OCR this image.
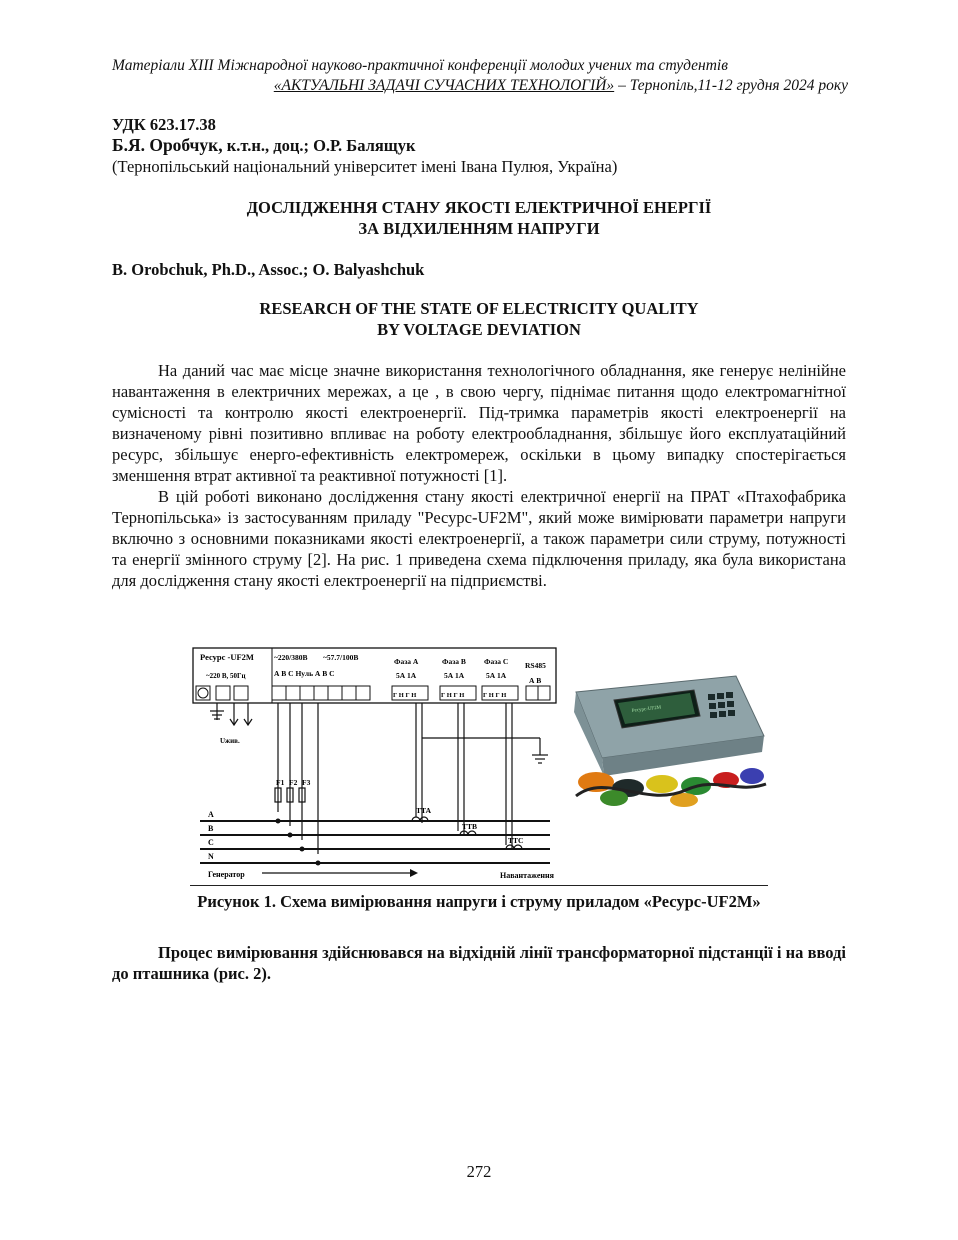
Матеріали XIII Міжнародної науково-практичної конференції молодих учених та студентів
«АКТУАЛЬНІ ЗАДАЧІ СУЧАСНИХ ТЕХНОЛОГІЙ» – Тернопіль,11-12 грудня 2024 року
УДК 623.17.38
Б.Я. Оробчук, к.т.н., доц.; О.Р. Балящук
(Тернопільський національний університет імені Івана Пулюя, Україна)
ДОСЛІДЖЕННЯ СТАНУ ЯКОСТІ ЕЛЕКТРИЧНОЇ ЕНЕРГІЇ
ЗА ВІДХИЛЕННЯМ НАПРУГИ
B. Orobchuk, Ph.D., Assoc.; O. Balyashchuk
RESEARCH OF THE STATE OF ELECTRICITY QUALITY
BY VOLTAGE DEVIATION

На даний час має місце значне використання технологічного обладнання, яке генерує нелінійне навантаження в електричних мережах, а це , в свою чергу, піднімає питання щодо електромагнітної сумісності та контролю якості електроенергії. Під-тримка параметрів якості електроенергії на визначеному рівні позитивно впливає на роботу електрообладнання, збільшує його експлуатаційний ресурс, збільшує енерго-ефективність електромереж, оскільки в цьому випадку спостерігається зменшення втрат активної та реактивної потужності [1].

В цій роботі виконано дослідження стану якості електричної енергії на ПРАТ «Птахофабрика Тернопільська» із застосуванням приладу "Ресурс-UF2M", який може вимірювати параметри напруги включно з основними показниками якості електроенергії, а також параметри сили струму, потужності та енергії змінного струму [2]. На рис. 1 приведена схема підключення приладу, яка була використана для дослідження стану якості електроенергії на підприємстві.

Ресурс -UF2M
~220 В, 50Гц
~220/380В ~57.7/100В
А В С Нуль А В С
Фаза А	Фаза В Фаза С RS485
А В
5А 1А	5А 1А	5А 1А
Г Н Г Н	Г Н Г Н	Г Н Г Н
Uжив.
F1 F2 F3
A
B
C
N
ТТА
ТТВ
ТТС
Генератор	Навантаження
Ресурс-UF2M
Рисунок 1. Схема вимірювання напруги і струму приладом «Ресурс-UF2M»

Процес вимірювання здійснювався на відхідній лінії трансформаторної підстанції і на вводі до пташника (рис. 2).

272
